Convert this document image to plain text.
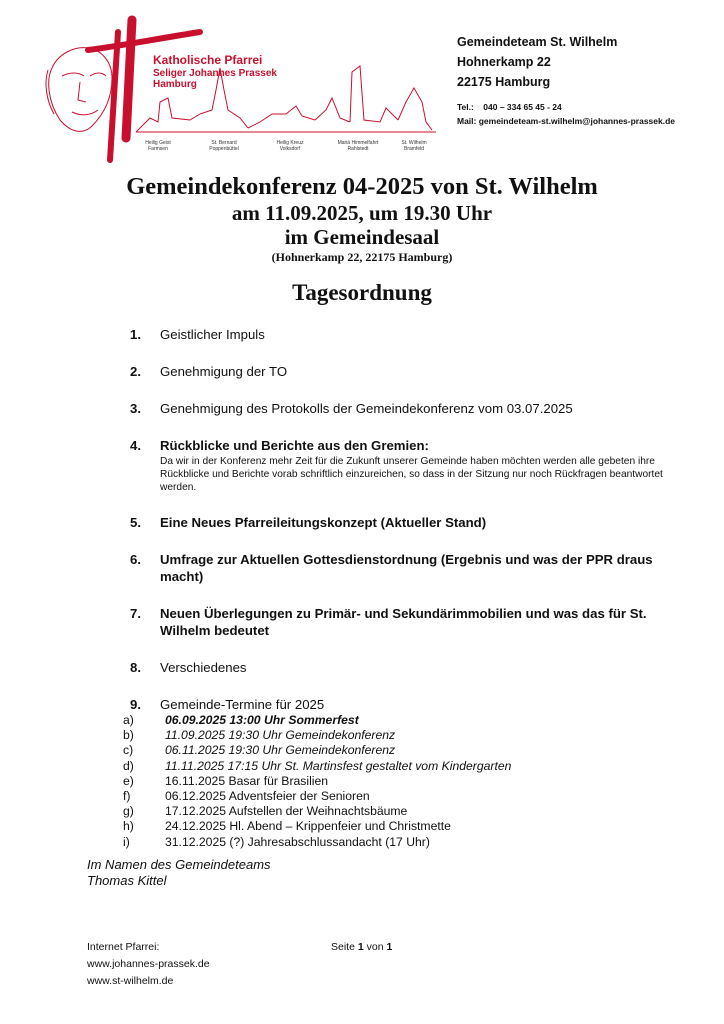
Katholische Pfarrei
Seliger Johannes Prassek
Hamburg
Heilig Geist
Farmsen
St. Bernard
Poppenbüttel
Heilig Kreuz
Volksdorf
Mariä Himmelfahrt
Rahlstedt
St. Wilhelm
Bramfeld
Gemeindeteam St. Wilhelm
Hohnerkamp 22
22175 Hamburg
Tel.:    040 – 334 65 45 - 24
Mail: gemeindeteam-st.wilhelm@johannes-prassek.de
Gemeindekonferenz 04-2025 von St. Wilhelm
am 11.09.2025, um 19.30 Uhr
im Gemeindesaal
(Hohnerkamp 22, 22175 Hamburg)
Tagesordnung
1. Geistlicher Impuls
2. Genehmigung der TO
3. Genehmigung des Protokolls der Gemeindekonferenz vom 03.07.2025
4. Rückblicke und Berichte aus den Gremien:
Da wir in der Konferenz mehr Zeit für die Zukunft unserer Gemeinde haben möchten werden alle gebeten ihre Rückblicke und Berichte vorab schriftlich einzureichen, so dass in der Sitzung nur noch Rückfragen beantwortet werden.
5. Eine Neues Pfarreileitungskonzept (Aktueller Stand)
6. Umfrage zur Aktuellen Gottesdienstordnung (Ergebnis und was der PPR draus macht)
7. Neuen Überlegungen zu Primär- und Sekundärimmobilien und was das für St. Wilhelm bedeutet
8. Verschiedenes
9. Gemeinde-Termine für 2025
a)	06.09.2025 13:00 Uhr Sommerfest
b)	11.09.2025 19:30 Uhr Gemeindekonferenz
c)	06.11.2025 19:30 Uhr Gemeindekonferenz
d)	11.11.2025 17:15 Uhr St. Martinsfest gestaltet vom Kindergarten
e)	16.11.2025 Basar für Brasilien
f)	06.12.2025 Adventsfeier der Senioren
g)	17.12.2025 Aufstellen der Weihnachtsbäume
h)	24.12.2025 Hl. Abend – Krippenfeier und Christmette
i)	31.12.2025 (?) Jahresabschlussandacht (17 Uhr)
Im Namen des Gemeindeteams
Thomas Kittel
Internet Pfarrei:
www.johannes-prassek.de
www.st-wilhelm.de
Seite 1 von 1
